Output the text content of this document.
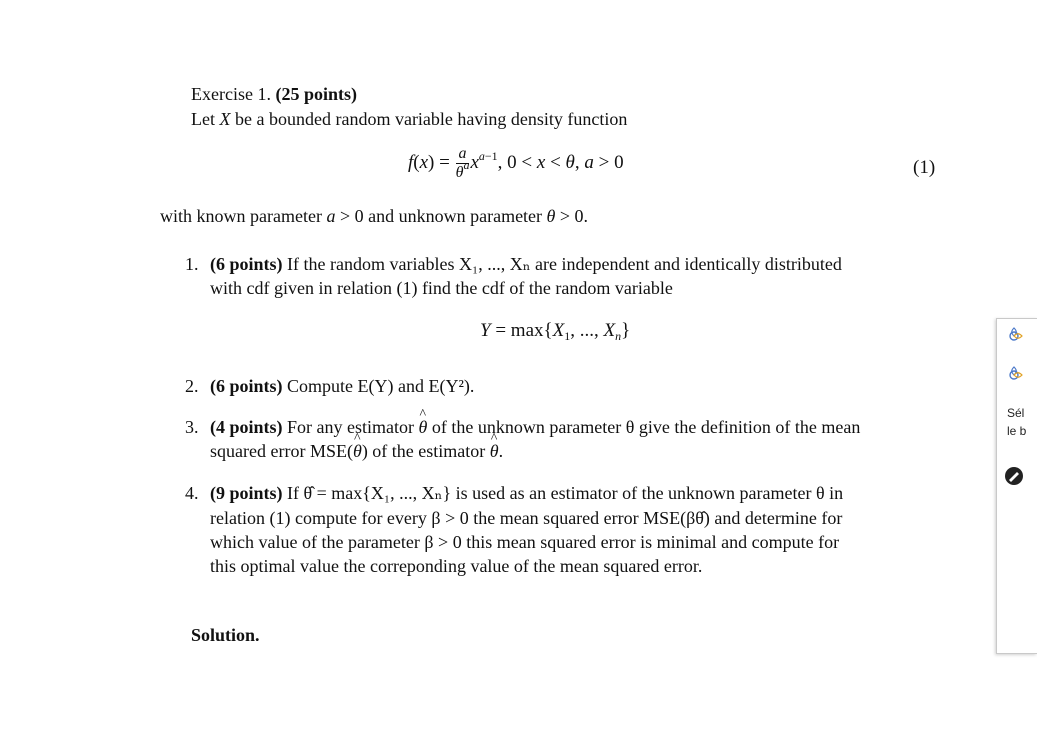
Exercise 1. (25 points)
Let X be a bounded random variable having density function
$f(x) = \frac{a}{\theta^a} x^{a-1}$, 0 < x < θ, a > 0	(1)
with known parameter a > 0 and unknown parameter θ > 0.
1. (6 points) If the random variables X₁, ..., Xₙ are independent and identically distributed
with cdf given in relation (1) find the cdf of the random variable
$Y = \max\{X_1$, ..., $X_n$}
2. (6 points) Compute E(Y) and E(Y²).
3. (4 points) For any estimator ^ θ of the unknown parameter θ give the definition of the mean
squared error MSE(^ θ) of the estimator ^ θ.
4. (9 points) If θ̂ = max{X₁, ..., Xₙ} is used as an estimator of the unknown parameter θ in
relation (1) compute for every β > 0 the mean squared error MSE(βθ̂) and determine for
which value of the parameter β > 0 this mean squared error is minimal and compute for
this optimal value the correponding value of the mean squared error.
Solution.
Sél
le b
